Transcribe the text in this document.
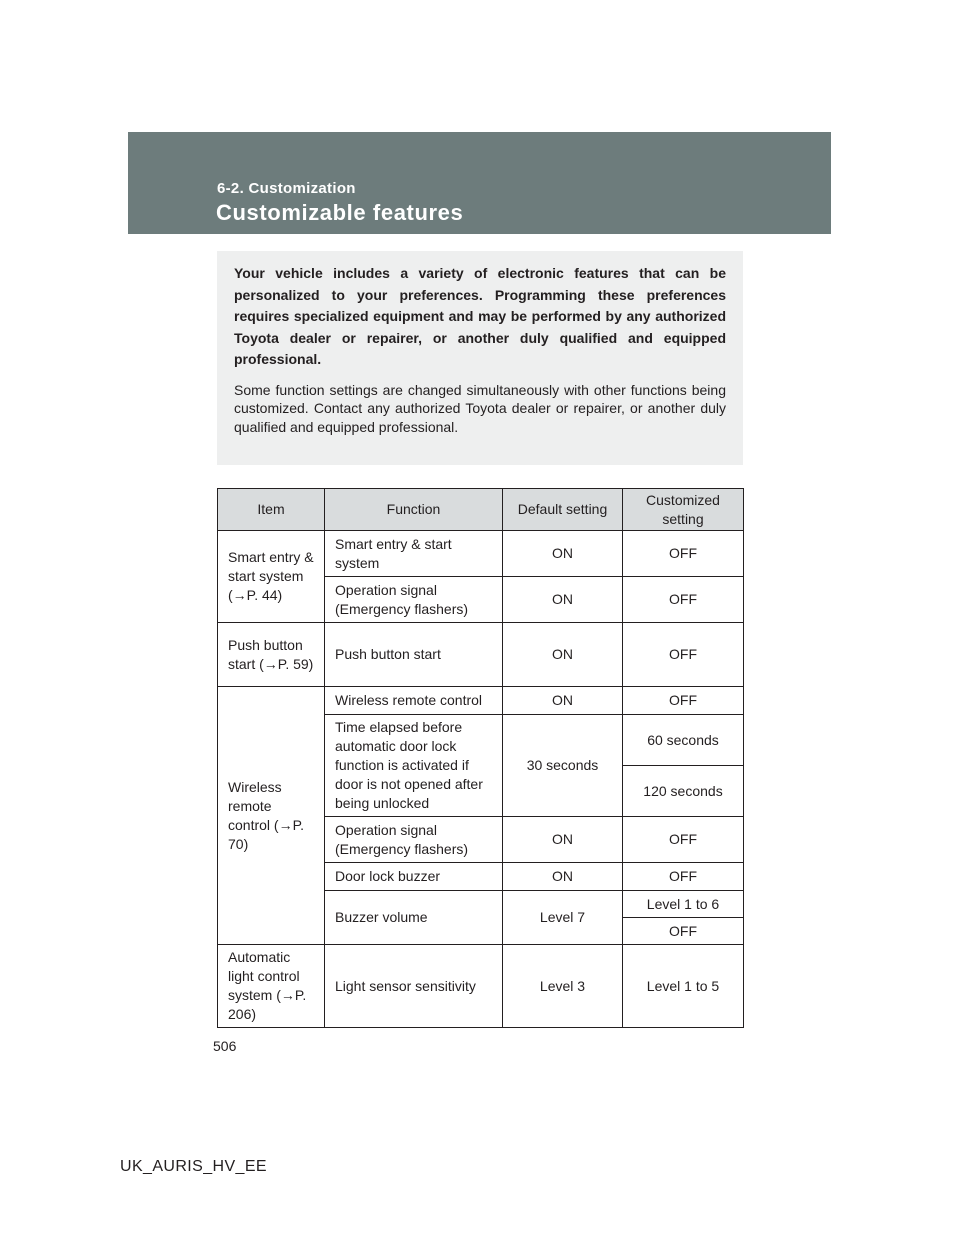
6-2. Customization
Customizable features

Your vehicle includes a variety of electronic features that can be personalized to your preferences. Programming these preferences requires specialized equipment and may be performed by any authorized Toyota dealer or repairer, or another duly qualified and equipped professional.

Some function settings are changed simultaneously with other functions being customized. Contact any authorized Toyota dealer or repairer, or another duly qualified and equipped professional.

Item	Function	Default setting	Customized setting
Smart entry & start system (→P. 44)	Smart entry & start system	ON	OFF
	Operation signal (Emergency flashers)	ON	OFF
Push button start (→P. 59)	Push button start	ON	OFF
Wireless remote control (→P. 70)	Wireless remote control	ON	OFF
	Time elapsed before automatic door lock function is activated if door is not opened after being unlocked	30 seconds	60 seconds
			120 seconds
	Operation signal (Emergency flashers)	ON	OFF
	Door lock buzzer	ON	OFF
	Buzzer volume	Level 7	Level 1 to 6
			OFF
Automatic light control system (→P. 206)	Light sensor sensitivity	Level 3	Level 1 to 5
506
UK_AURIS_HV_EE
